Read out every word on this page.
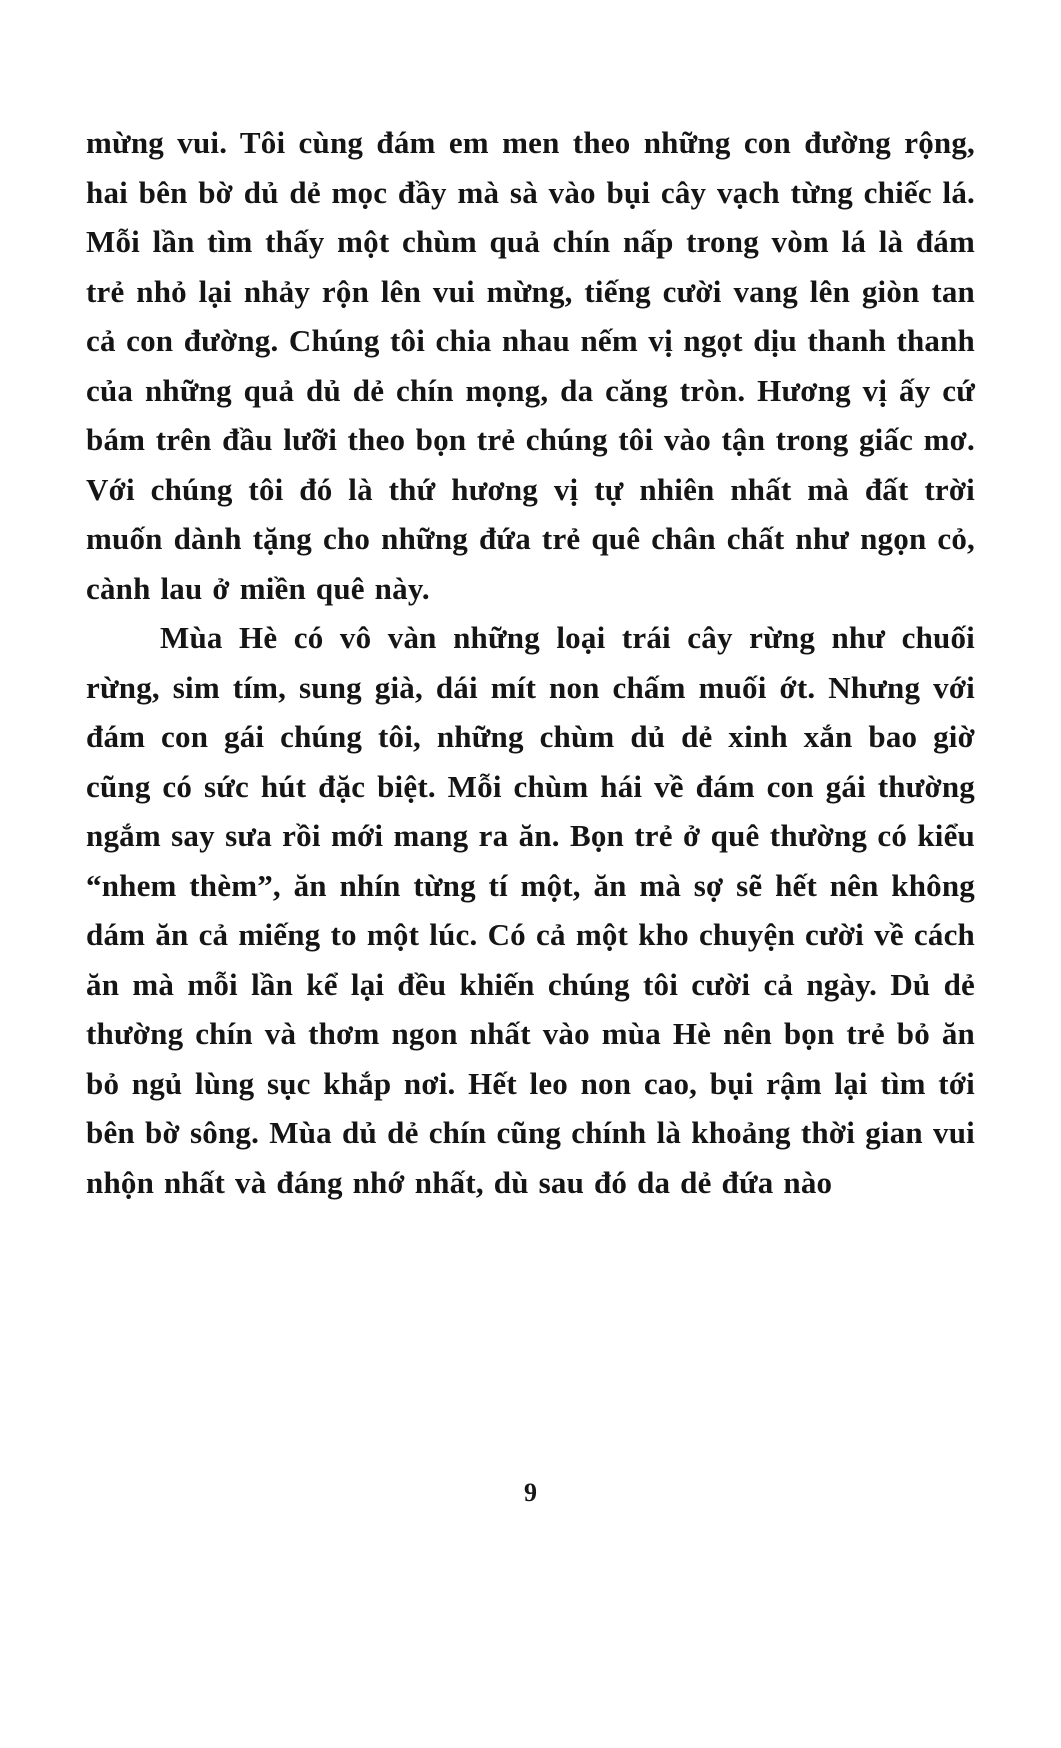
mừng vui. Tôi cùng đám em men theo những con đường rộng, hai bên bờ dủ dẻ mọc đầy mà sà vào bụi cây vạch từng chiếc lá. Mỗi lần tìm thấy một chùm quả chín nấp trong vòm lá là đám trẻ nhỏ lại nhảy rộn lên vui mừng, tiếng cười vang lên giòn tan cả con đường. Chúng tôi chia nhau nếm vị ngọt dịu thanh thanh của những quả dủ dẻ chín mọng, da căng tròn. Hương vị ấy cứ bám trên đầu lưỡi theo bọn trẻ chúng tôi vào tận trong giấc mơ. Với chúng tôi đó là thứ hương vị tự nhiên nhất mà đất trời muốn dành tặng cho những đứa trẻ quê chân chất như ngọn cỏ, cành lau ở miền quê này.

Mùa Hè có vô vàn những loại trái cây rừng như chuối rừng, sim tím, sung già, dái mít non chấm muối ớt. Nhưng với đám con gái chúng tôi, những chùm dủ dẻ xinh xắn bao giờ cũng có sức hút đặc biệt. Mỗi chùm hái về đám con gái thường ngắm say sưa rồi mới mang ra ăn. Bọn trẻ ở quê thường có kiểu “nhem thèm”, ăn nhín từng tí một, ăn mà sợ sẽ hết nên không dám ăn cả miếng to một lúc. Có cả một kho chuyện cười về cách ăn mà mỗi lần kể lại đều khiến chúng tôi cười cả ngày. Dủ dẻ thường chín và thơm ngon nhất vào mùa Hè nên bọn trẻ bỏ ăn bỏ ngủ lùng sục khắp nơi. Hết leo non cao, bụi rậm lại tìm tới bên bờ sông. Mùa dủ dẻ chín cũng chính là khoảng thời gian vui nhộn nhất và đáng nhớ nhất, dù sau đó da dẻ đứa nào

9
